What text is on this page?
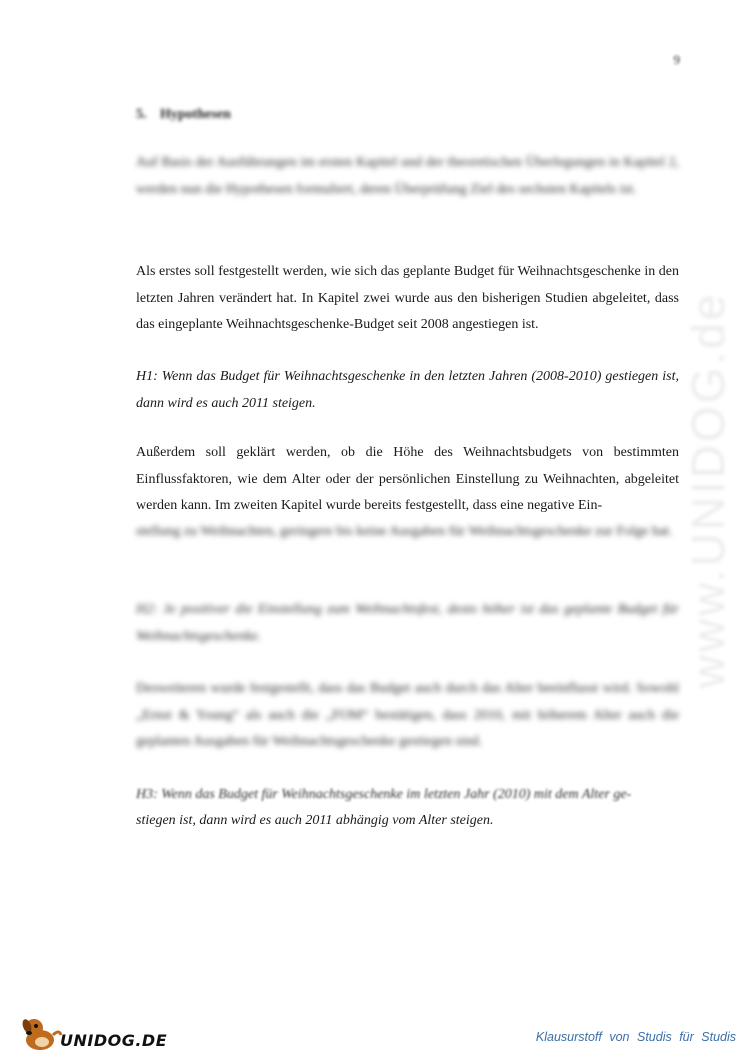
9
5. Hypothesen

Auf Basis der Ausführungen im ersten Kapitel und der theoretischen Überlegungen in Kapitel 2, werden nun die Hypothesen formuliert, deren Überprüfung Ziel des sechsten Kapitels ist.

Als erstes soll festgestellt werden, wie sich das geplante Budget für Weihnachtsgeschenke in den letzten Jahren verändert hat. In Kapitel zwei wurde aus den bisherigen Studien abgeleitet, dass das eingeplante Weihnachtsgeschenke-Budget seit 2008 angestiegen ist.

H1: Wenn das Budget für Weihnachtsgeschenke in den letzten Jahren (2008-2010) gestiegen ist, dann wird es auch 2011 steigen.

Außerdem soll geklärt werden, ob die Höhe des Weihnachtsbudgets von bestimmten Einflussfaktoren, wie dem Alter oder der persönlichen Einstellung zu Weihnachten, abgeleitet werden kann. Im zweiten Kapitel wurde bereits festgestellt, dass eine negative Ein-

stellung zu Weihnachten, geringere bis keine Ausgaben für Weihnachtsgeschenke zur Folge hat.

H2: Je positiver die Einstellung zum Weihnachtsfest, desto höher ist das geplante Budget für Weihnachtsgeschenke.

Desweiteren wurde festgestellt, dass das Budget auch durch das Alter beeinflusst wird. Sowohl „Ernst & Young“ als auch die „FOM“ bestätigen, dass 2010, mit höherem Alter auch die geplanten Ausgaben für Weihnachtsgeschenke gestiegen sind.

H3: Wenn das Budget für Weihnachtsgeschenke im letzten Jahr (2010) mit dem Alter ge-

stiegen ist, dann wird es auch 2011 abhängig vom Alter steigen.

www.UNIDOG.de
UNIDOG.DE	Klausurstoff von Studis für Studis
